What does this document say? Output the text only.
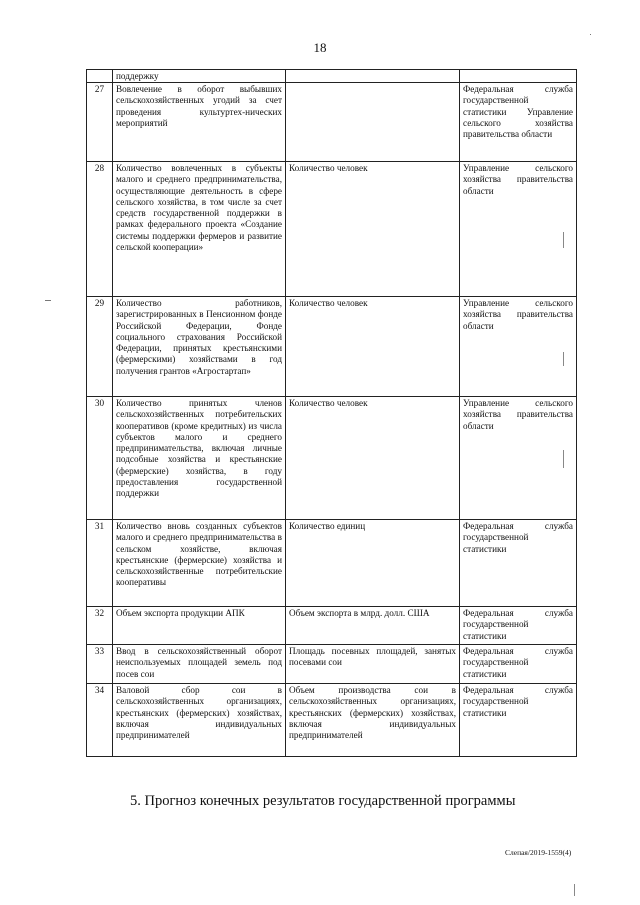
18
	поддержку		
27	Вовлечение в оборот выбывших сельскохозяйственных угодий за счет проведения культуртех-нических мероприятий		Федеральная служба государственной статистики Управление сельского хозяйства правительства области
28	Количество вовлеченных в субъекты малого и среднего предпринимательства, осуществляющие деятельность в сфере сельского хозяйства, в том числе за счет средств государственной поддержки в рамках федерального проекта «Создание системы поддержки фермеров и развитие сельской кооперации»	Количество человек	Управление сельского хозяйства правительства области
29	Количество работников, зарегистрированных в Пенсионном фонде Российской Федерации, Фонде социального страхования Российской Федерации, принятых крестьянскими (фермерскими) хозяйствами в год получения грантов «Агростартап»	Количество человек	Управление сельского хозяйства правительства области
30	Количество принятых членов сельскохозяйственных потребительских кооперативов (кроме кредитных) из числа субъектов малого и среднего предпринимательства, включая личные подсобные хозяйства и крестьянские (фермерские) хозяйства, в году предоставления государственной поддержки	Количество человек	Управление сельского хозяйства правительства области
31	Количество вновь созданных субъектов малого и среднего предпринимательства в сельском хозяйстве, включая крестьянские (фермерские) хозяйства и сельскохозяйственные потребительские кооперативы	Количество единиц	Федеральная служба государственной статистики
32	Объем экспорта продукции АПК	Объем экспорта в млрд. долл. США	Федеральная служба государственной статистики
33	Ввод в сельскохозяйственный оборот неиспользуемых площадей земель под посев сои	Площадь посевных площадей, занятых посевами сои	Федеральная служба государственной статистики
34	Валовой сбор сои в сельскохозяйственных организациях, крестьянских (фермерских) хозяйствах, включая индивидуальных предпринимателей	Объем производства сои в сельскохозяйственных организациях, крестьянских (фермерских) хозяйствах, включая индивидуальных предпринимателей	Федеральная служба государственной статистики
5. Прогноз конечных результатов государственной программы
Слепая/2019-1559(4)
